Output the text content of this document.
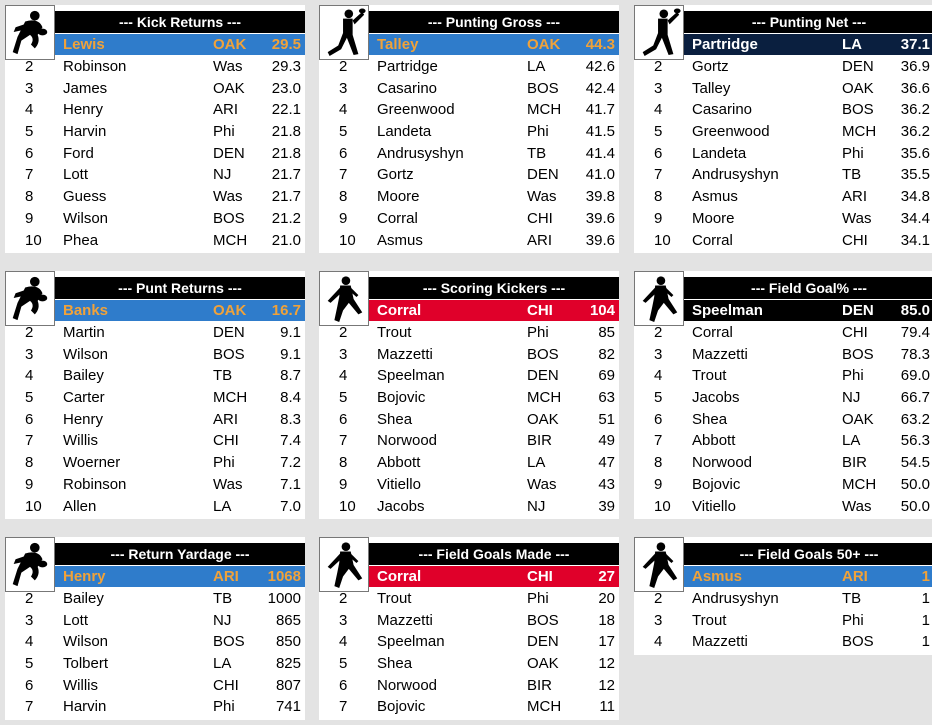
--- Kick Returns ---
Lewis	OAK 29.5
2 Robinson	Was 29.3
3 James	OAK 23.0
4 Henry	ARI 22.1
5 Harvin	Phi 21.8
6 Ford	DEN 21.8
7 Lott	NJ	21.7
8 Guess	Was 21.7
9 Wilson	BOS 21.2
10 Phea	MCH 21.0
--- Punting Gross ---
Talley	OAK 44.3
2 Partridge	LA	42.6
3 Casarino	BOS 42.4
4 Greenwood	MCH 41.7
5 Landeta	Phi 41.5
6 Andrusyshyn	TB	41.4
7 Gortz	DEN 41.0
8 Moore	Was 39.8
9 Corral	CHI 39.6
10 Asmus	ARI 39.6
--- Punting Net ---
Partridge	LA	37.1
2 Gortz	DEN 36.9
3 Talley	OAK 36.6
4 Casarino	BOS 36.2
5 Greenwood	MCH 36.2
6 Landeta	Phi 35.6
7 Andrusyshyn	TB	35.5
8 Asmus	ARI 34.8
9 Moore	Was 34.4
10 Corral	CHI 34.1
--- Punt Returns ---
Banks	OAK 16.7
2 Martin	DEN 9.1
3 Wilson	BOS 9.1
4 Bailey	TB	8.7
5 Carter	MCH 8.4
6 Henry	ARI	8.3
7 Willis	CHI	7.4
8 Woerner	Phi	7.2
9 Robinson	Was	7.1
10 Allen	LA	7.0
--- Scoring Kickers ---
Corral	CHI 104
2 Trout	Phi	85
3 Mazzetti	BOS	82
4 Speelman	DEN	69
5 Bojovic	MCH 63
6 Shea	OAK	51
7 Norwood	BIR	49
8 Abbott	LA	47
9 Vitiello	Was	43
10 Jacobs	NJ	39
--- Field Goal% ---
Speelman	DEN 85.0
2 Corral	CHI 79.4
3 Mazzetti	BOS 78.3
4 Trout	Phi 69.0
5 Jacobs	NJ	66.7
6 Shea	OAK 63.2
7 Abbott	LA	56.3
8 Norwood	BIR 54.5
9 Bojovic	MCH 50.0
10 Vitiello	Was 50.0
--- Return Yardage ---
Henry	ARI 1068
2 Bailey	TB 1000
3 Lott	NJ	865
4 Wilson	BOS 850
5 Tolbert	LA	825
6 Willis	CHI 807
7 Harvin	Phi	741
--- Field Goals Made ---
Corral	CHI	27
2 Trout	Phi	20
3 Mazzetti	BOS	18
4 Speelman	DEN	17
5 Shea	OAK	12
6 Norwood	BIR	12
7 Bojovic	MCH	11
--- Field Goals 50+ ---
Asmus	ARI	1
2 Andrusyshyn	TB	1
3 Trout	Phi	1
4 Mazzetti	BOS	1
